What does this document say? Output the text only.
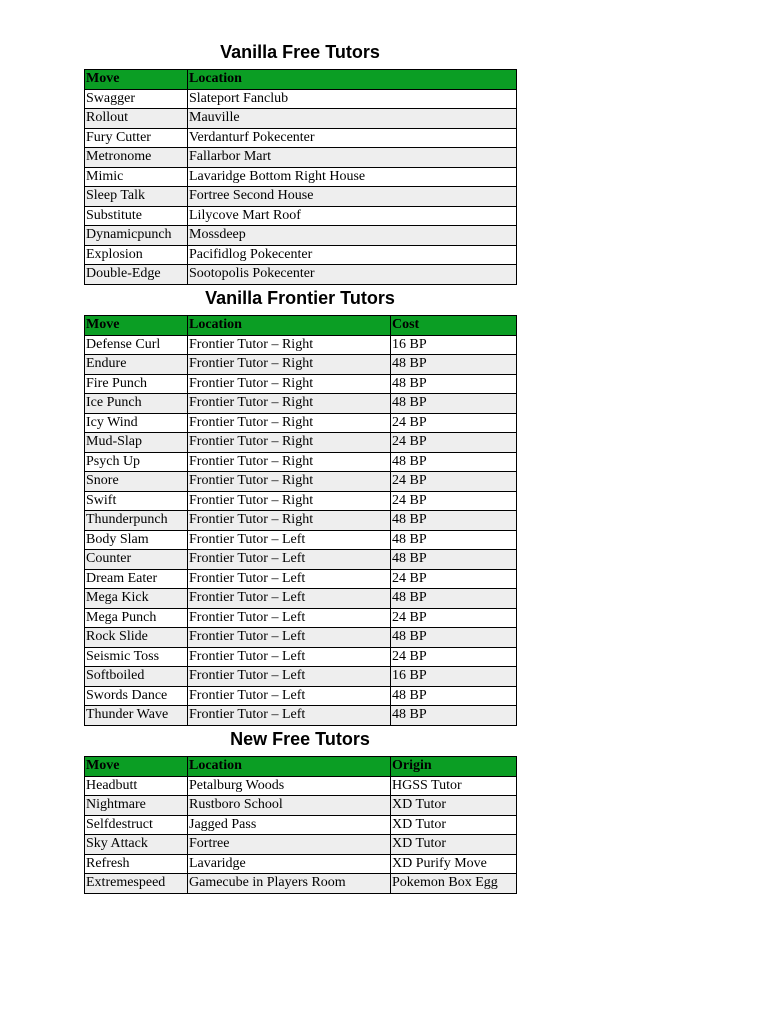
Vanilla Free Tutors
Move	Location
Swagger	Slateport Fanclub
Rollout	Mauville
Fury Cutter	Verdanturf Pokecenter
Metronome	Fallarbor Mart
Mimic	Lavaridge Bottom Right House
Sleep Talk	Fortree Second House
Substitute	Lilycove Mart Roof
Dynamicpunch	Mossdeep
Explosion	Pacifidlog Pokecenter
Double-Edge	Sootopolis Pokecenter
Vanilla Frontier Tutors
Move	Location	Cost
Defense Curl	Frontier Tutor – Right	16 BP
Endure	Frontier Tutor – Right	48 BP
Fire Punch	Frontier Tutor – Right	48 BP
Ice Punch	Frontier Tutor – Right	48 BP
Icy Wind	Frontier Tutor – Right	24 BP
Mud-Slap	Frontier Tutor – Right	24 BP
Psych Up	Frontier Tutor – Right	48 BP
Snore	Frontier Tutor – Right	24 BP
Swift	Frontier Tutor – Right	24 BP
Thunderpunch	Frontier Tutor – Right	48 BP
Body Slam	Frontier Tutor – Left	48 BP
Counter	Frontier Tutor – Left	48 BP
Dream Eater	Frontier Tutor – Left	24 BP
Mega Kick	Frontier Tutor – Left	48 BP
Mega Punch	Frontier Tutor – Left	24 BP
Rock Slide	Frontier Tutor – Left	48 BP
Seismic Toss	Frontier Tutor – Left	24 BP
Softboiled	Frontier Tutor – Left	16 BP
Swords Dance	Frontier Tutor – Left	48 BP
Thunder Wave	Frontier Tutor – Left	48 BP
New Free Tutors
Move	Location	Origin
Headbutt	Petalburg Woods	HGSS Tutor
Nightmare	Rustboro School	XD Tutor
Selfdestruct	Jagged Pass	XD Tutor
Sky Attack	Fortree	XD Tutor
Refresh	Lavaridge	XD Purify Move
Extremespeed	Gamecube in Players Room	Pokemon Box Egg
